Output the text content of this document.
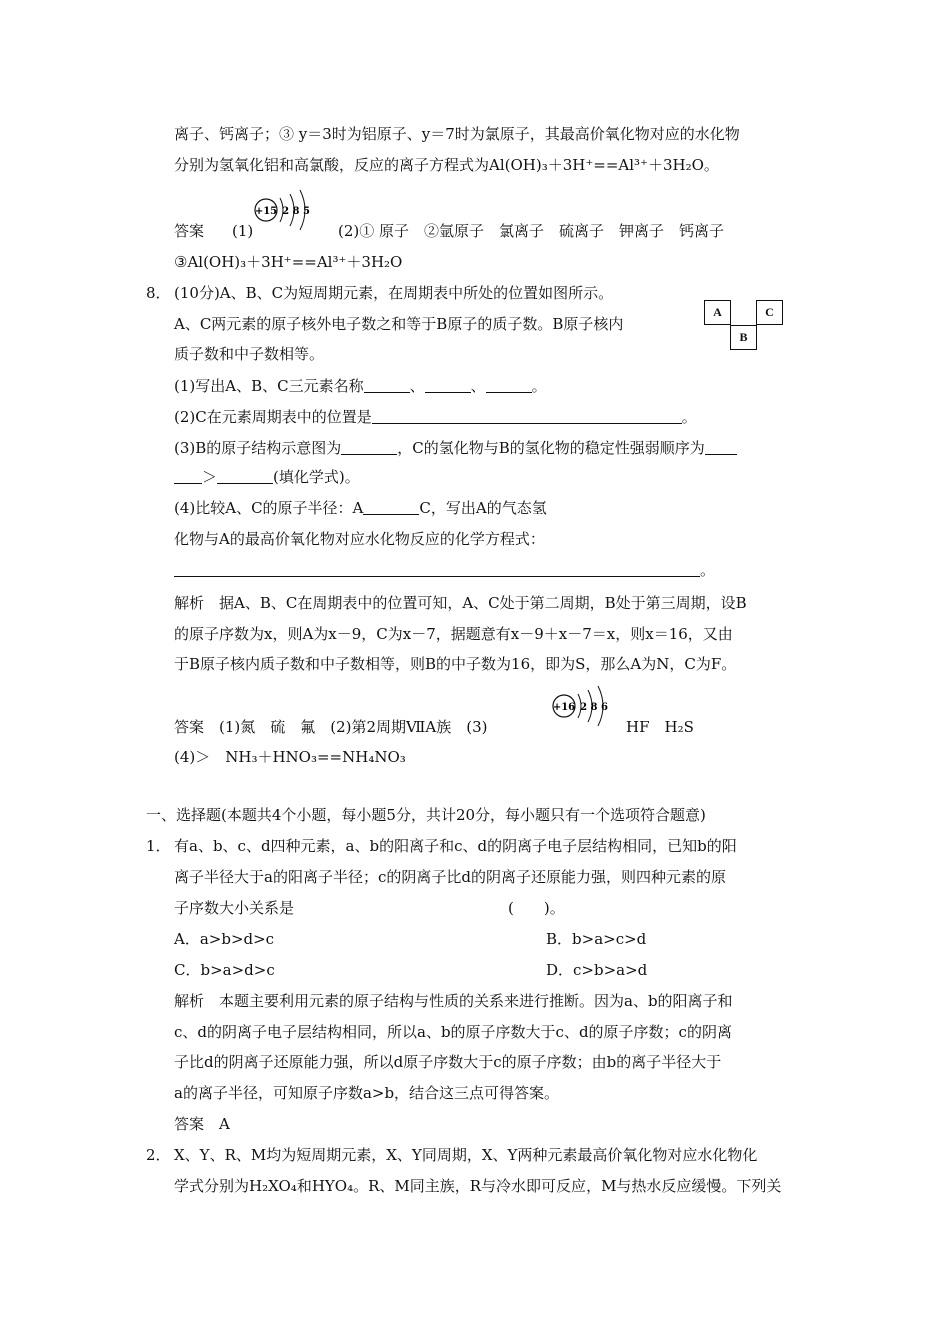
离子、钙离子；③ y＝3时为铝原子、y＝7时为氯原子，其最高价氧化物对应的水化物
分别为氢氧化铝和高氯酸，反应的离子方程式为Al(OH)₃＋3H⁺==Al³⁺＋3H₂O。
答案 (1)
+15 2 8 5
(2)① 原子　②氩原子　氯离子　硫离子　钾离子　钙离子
③Al(OH)₃＋3H⁺==Al³⁺＋3H₂O
8． (10分)A、B、C为短周期元素，在周期表中所处的位置如图所示。
A、C两元素的原子核外电子数之和等于B原子的质子数。B原子核内
质子数和中子数相等。
A	C
B
(1)写出A、B、C三元素名称	、	、	。
(2)C在元素周期表中的位置是	。
(3)B的原子结构示意图为	，C的氢化物与B的氢化物的稳定性强弱顺序为
＞	(填化学式)。
(4)比较A、C的原子半径：A	C，写出A的气态氢
化物与A的最高价氧化物对应水化物反应的化学方程式：
。
解析　据A、B、C在周期表中的位置可知，A、C处于第二周期，B处于第三周期，设B
的原子序数为x，则A为x－9，C为x－7，据题意有x－9＋x－7＝x，则x＝16，又由
于B原子核内质子数和中子数相等，则B的中子数为16，即为S，那么A为N，C为F。
答案　(1)氮　硫　氟　(2)第2周期ⅦA族　(3)
+16 2 8 6
HF　H₂S
(4)＞　NH₃＋HNO₃==NH₄NO₃
一、选择题(本题共4个小题，每小题5分，共计20分，每小题只有一个选项符合题意)
1． 有a、b、c、d四种元素，a、b的阳离子和c、d的阴离子电子层结构相同，已知b的阳
离子半径大于a的阳离子半径；c的阴离子比d的阴离子还原能力强，则四种元素的原
子序数大小关系是	(　　)。
A．a>b>d>c	B．b>a>c>d
C．b>a>d>c	D．c>b>a>d
解析　本题主要利用元素的原子结构与性质的关系来进行推断。因为a、b的阳离子和
c、d的阴离子电子层结构相同，所以a、b的原子序数大于c、d的原子序数；c的阴离
子比d的阴离子还原能力强，所以d原子序数大于c的原子序数；由b的离子半径大于
a的离子半径，可知原子序数a>b，结合这三点可得答案。
答案　A
2． X、Y、R、M均为短周期元素，X、Y同周期，X、Y两种元素最高价氧化物对应水化物化
学式分别为H₂XO₄和HYO₄。R、M同主族，R与冷水即可反应，M与热水反应缓慢。下列关
